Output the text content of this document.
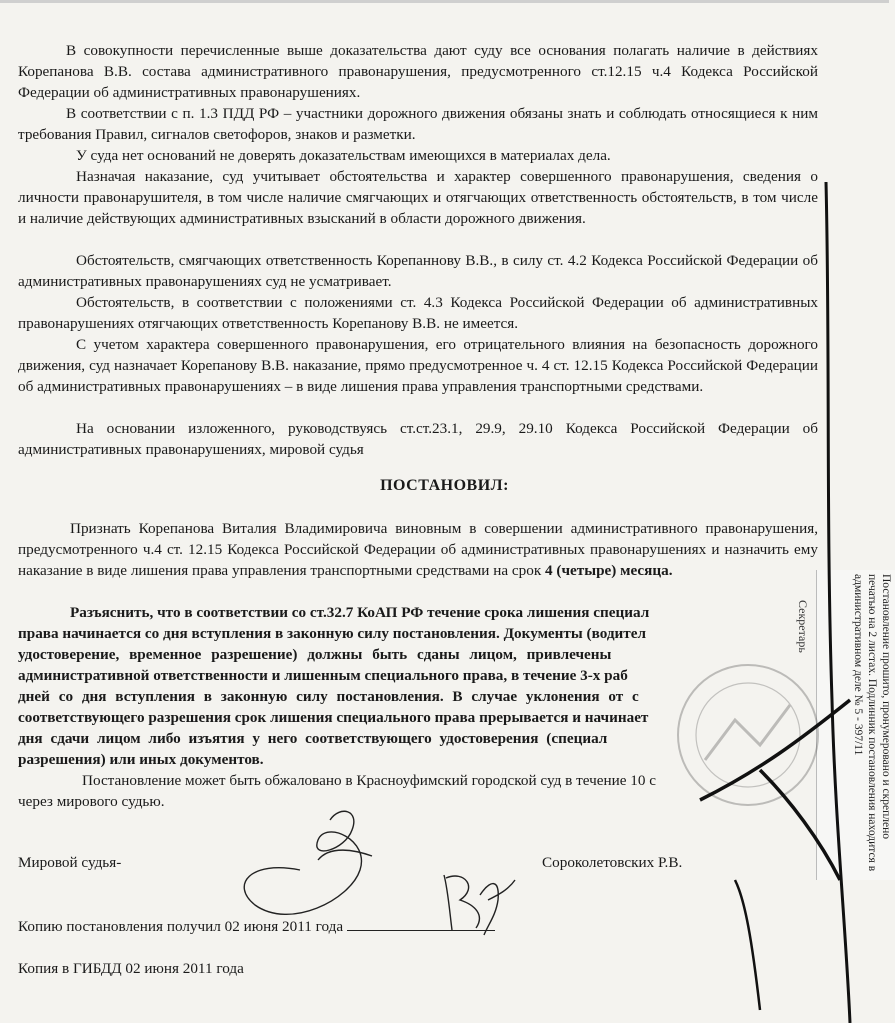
В совокупности перечисленные выше доказательства дают суду все основания полагать наличие в действиях Корепанова В.В. состава административного правонарушения, предусмотренного ст.12.15 ч.4 Кодекса Российской Федерации об административных правонарушениях.

В соответствии с п. 1.3 ПДД РФ – участники дорожного движения обязаны знать и соблюдать относящиеся к ним требования Правил, сигналов светофоров, знаков и разметки.

У суда нет оснований не доверять доказательствам имеющихся в материалах дела.

Назначая наказание, суд учитывает обстоятельства и характер совершенного правонарушения, сведения о личности правонарушителя, в том числе наличие смягчающих и отягчающих ответственность обстоятельств, в том числе и наличие действующих административных взысканий в области дорожного движения.

Обстоятельств, смягчающих ответственность Корепаннову В.В., в силу ст. 4.2 Кодекса Российской Федерации об административных правонарушениях суд не усматривает.

Обстоятельств, в соответствии с положениями ст. 4.3 Кодекса Российской Федерации об административных правонарушениях отягчающих ответственность Корепанову В.В. не имеется.

С учетом характера совершенного правонарушения, его отрицательного влияния на безопасность дорожного движения, суд назначает Корепанову В.В. наказание, прямо предусмотренное ч. 4 ст. 12.15 Кодекса Российской Федерации об административных правонарушениях – в виде лишения права управления транспортными средствами.

На основании изложенного, руководствуясь ст.ст.23.1, 29.9, 29.10 Кодекса Российской Федерации об административных правонарушениях, мировой судья

ПОСТАНОВИЛ:

Признать Корепанова Виталия Владимировича виновным в совершении административного правонарушения, предусмотренного ч.4 ст. 12.15 Кодекса Российской Федерации об административных правонарушениях и назначить ему наказание в виде лишения права управления транспортными средствами на срок 4 (четыре) месяца.

Разъяснить, что в соответствии со ст.32.7 КоАП РФ течение срока лишения специал
права начинается со дня вступления в законную силу постановления. Документы (водител
удостоверение, временное разрешение) должны быть сданы лицом, привлечены
административной ответственности и лишенным специального права, в течение 3-х раб
дней со дня вступления в законную силу постановления. В случае уклонения от с
соответствующего разрешения срок лишения специального права прерывается и начинает
дня сдачи лицом либо изъятия у него соответствующего удостоверения (специал
разрешения) или иных документов.
Постановление может быть обжаловано в Красноуфимский городской суд в течение 10 с
через мирового судью.
Мировой судья-	Сороколетовских Р.В.
Копию постановления получил 02 июня 2011 года
Копия в ГИБДД 02 июня 2011 года
Постановление прошито, пронумеровано и скреплено печатью на 2 листах. Подлинник постановления находится в административном деле № 5 - 397/11
Секретарь
